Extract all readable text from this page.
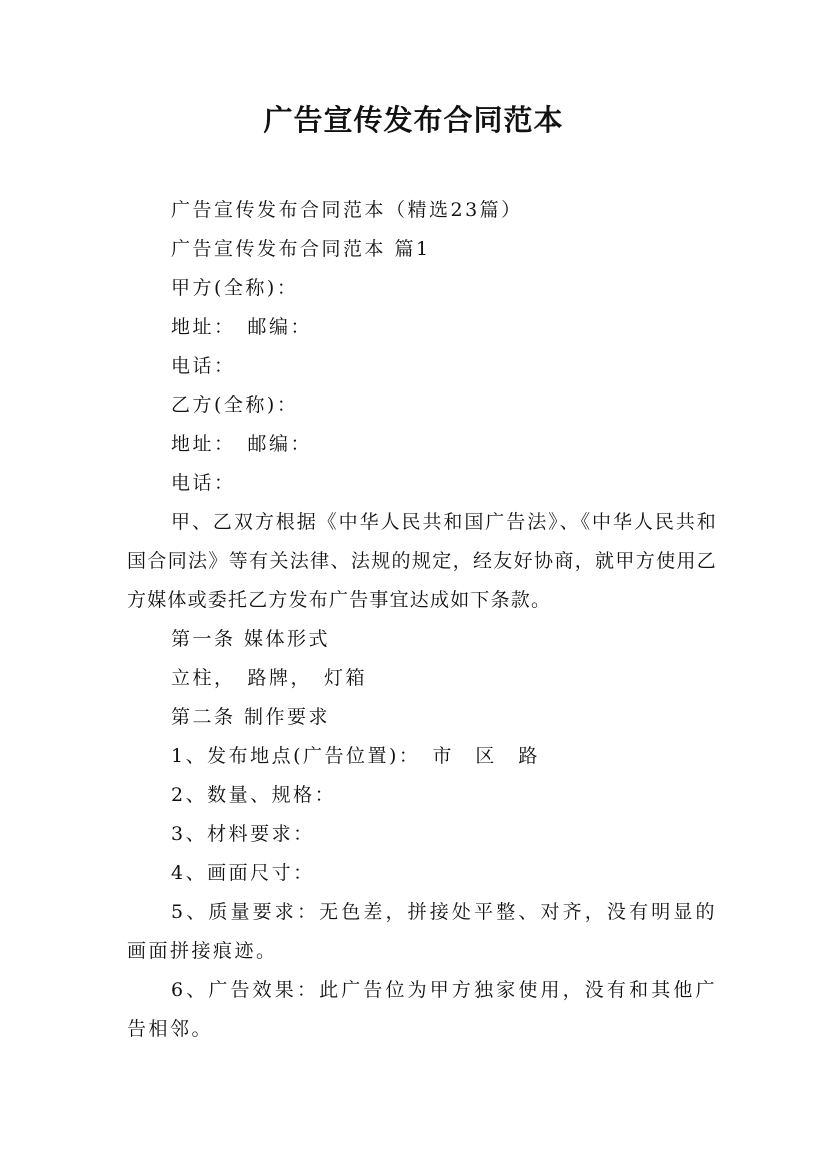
广告宣传发布合同范本

广告宣传发布合同范本（精选23篇）

广告宣传发布合同范本 篇1

甲方(全称)：

地址：　邮编：

电话：

乙方(全称)：

地址：　邮编：

电话：

甲、乙双方根据《中华人民共和国广告法》、《中华人民共和国合同法》等有关法律、法规的规定，经友好协商，就甲方使用乙方媒体或委托乙方发布广告事宜达成如下条款。

第一条 媒体形式

立柱，　路牌，　灯箱

第二条 制作要求

1、发布地点(广告位置)：　市　区　路

2、数量、规格：

3、材料要求：

4、画面尺寸：

5、质量要求：无色差，拼接处平整、对齐，没有明显的画面拼接痕迹。

6、广告效果：此广告位为甲方独家使用，没有和其他广告相邻。
